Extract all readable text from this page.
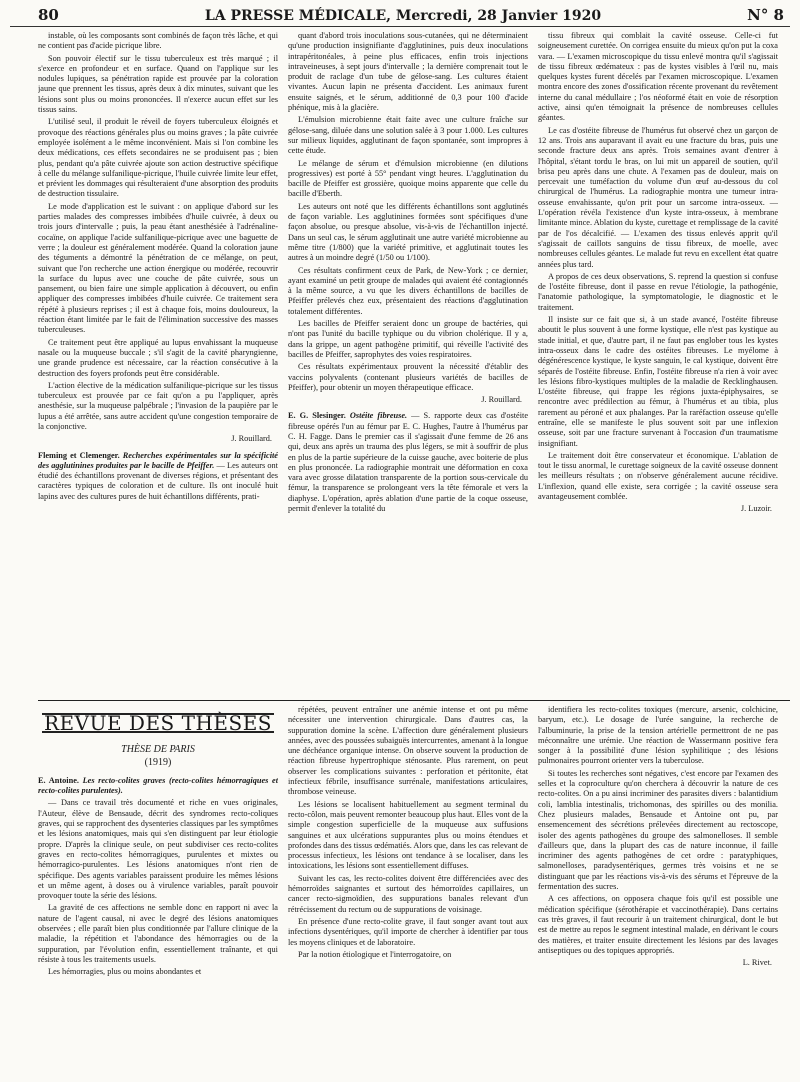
80	LA PRESSE MÉDICALE, Mercredi, 28 Janvier 1920	N° 8

instable, où les composants sont combinés de façon très lâche, et qui ne contient pas d'acide picrique libre.

Son pouvoir électif sur le tissu tuberculeux est très marqué ; il s'exerce en profondeur et en surface. Quand on l'applique sur les nodules lupiques, sa pénétration rapide est prouvée par la coloration jaune que prennent les tissus, après deux à dix minutes, suivant que les lésions sont plus ou moins prononcées. Il n'exerce aucun effet sur les tissus sains.

L'utilisé seul, il produit le réveil de foyers tuberculeux éloignés et provoque des réactions générales plus ou moins graves ; la pâte cuivrée employée isolément a le même inconvénient. Mais si l'on combine les deux médications, ces effets secondaires ne se produisent pas ; bien plus, pendant qu'a pâte cuivrée ajoute son action destructive spécifique à celle du mélange sulfanilique-picrique, l'huile cuivrée limite leur effet, et prévient les dommages qui résulteraient d'une absorption des produits de destruction tissulaire.

Le mode d'application est le suivant : on applique d'abord sur les parties malades des compresses imbibées d'huile cuivrée, à deux ou trois jours d'intervalle ; puis, la peau étant anesthésiée à l'adrénaline-cocaïne, on applique l'acide sulfanilique-picrique avec une baguette de verre ; la douleur est généralement modérée. Quand la coloration jaune des téguments a démontré la pénétration de ce mélange, on peut, suivant que l'on recherche une action énergique ou modérée, recouvrir la surface du lupus avec une couche de pâte cuivrée, sous un pansement, ou bien faire une simple application à découvert, ou enfin appliquer des compresses imbibées d'huile cuivrée. Ce traitement sera répété à plusieurs reprises ; il est à chaque fois, moins douloureux, la réaction étant limitée par le fait de l'élimination successive des masses tuberculeuses.

Ce traitement peut être appliqué au lupus envahissant la muqueuse nasale ou la muqueuse buccale ; s'il s'agit de la cavité pharyngienne, une grande prudence est nécessaire, car la réaction consécutive à la destruction des foyers profonds peut être considérable.

L'action élective de la médication sulfanilique-picrique sur les tissus tuberculeux est prouvée par ce fait qu'on a pu l'appliquer, après anesthésie, sur la muqueuse palpébrale ; l'invasion de la paupière par le lupus a été arrêtée, sans autre accident qu'une congestion temporaire de la conjonctive.

J. Rouillard.

Fleming et Clemenger. Recherches expérimentales sur la spécificité des agglutinines produites par le bacille de Pfeiffer. — Les auteurs ont étudié des échantillons provenant de diverses régions, et présentant des caractères typiques de coloration et de culture. Ils ont inoculé huit lapins avec des cultures pures de huit échantillons différents, prati-

quant d'abord trois inoculations sous-cutanées, qui ne déterminaient qu'une production insignifiante d'agglutinines, puis deux inoculations intrapéritonéales, à peine plus efficaces, enfin trois injections intraveineuses, à sept jours d'intervalle ; la dernière comprenait tout le produit de raclage d'un tube de gélose-sang. Les cultures étaient vivantes. Aucun lapin ne présenta d'accident. Les animaux furent ensuite saignés, et le sérum, additionné de 0,3 pour 100 d'acide phénique, mis à la glacière.

L'émulsion microbienne était faite avec une culture fraîche sur gélose-sang, diluée dans une solution salée à 3 pour 1.000. Les cultures sur milieux liquides, agglutinant de façon spontanée, sont impropres à cette étude.

Le mélange de sérum et d'émulsion microbienne (en dilutions progressives) est porté à 55° pendant vingt heures. L'agglutination du bacille de Pfeiffer est grossière, quoique moins apparente que celle du bacille d'Eberth.

Les auteurs ont noté que les différents échantillons sont agglutinés de façon variable. Les agglutinines formées sont spécifiques d'une façon absolue, ou presque absolue, vis-à-vis de l'échantillon injecté. Dans un seul cas, le sérum agglutinait une autre variété microbienne au même titre (1/800) que la variété primitive, et agglutinait toutes les autres à un moindre degré (1/50 ou 1/100).

Ces résultats confirment ceux de Park, de New-York ; ce dernier, ayant examiné un petit groupe de malades qui avaient été contagionnés à la même source, a vu que les divers échantillons de bacilles de Pfeiffer prélevés chez eux, présentaient des réactions d'agglutination totalement différentes.

Les bacilles de Pfeiffer seraient donc un groupe de bactéries, qui n'ont pas l'unité du bacille typhique ou du vibrion cholérique. Il y a, dans la grippe, un agent pathogène primitif, qui réveille l'activité des bacilles de Pfeiffer, saprophytes des voies respiratoires.

Ces résultats expérimentaux prouvent la nécessité d'établir des vaccins polyvalents (contenant plusieurs variétés de bacilles de Pfeiffer), pour obtenir un moyen thérapeutique efficace.

J. Rouillard.

E. G. Slesinger. Ostéite fibreuse. — S. rapporte deux cas d'ostéite fibreuse opérés l'un au fémur par E. C. Hughes, l'autre à l'humérus par C. H. Fagge. Dans le premier cas il s'agissait d'une femme de 26 ans qui, deux ans après un trauma des plus légers, se mit à souffrir de plus en plus de la partie supérieure de la cuisse gauche, avec boiterie de plus en plus prononcée. La radiographie montrait une déformation en coxa vara avec grosse dilatation transparente de la portion sous-cervicale du fémur, la transparence se prolongeant vers la tête fémorale et vers la diaphyse. L'opération, après ablation d'une partie de la coque osseuse, permit d'enlever la totalité du

tissu fibreux qui comblait la cavité osseuse. Celle-ci fut soigneusement curettée. On corrigea ensuite du mieux qu'on put la coxa vara. — L'examen microscopique du tissu enlevé montra qu'il s'agissait de tissu fibreux œdémateux : pas de kystes visibles à l'œil nu, mais quelques kystes furent décelés par l'examen microscopique. L'examen montra encore des zones d'ossification récente provenant du revêtement interne du canal médullaire ; l'os néoformé était en voie de résorption active, ainsi qu'en témoignait la présence de nombreuses cellules géantes.

Le cas d'ostéite fibreuse de l'humérus fut observé chez un garçon de 12 ans. Trois ans auparavant il avait eu une fracture du bras, puis une seconde fracture deux ans après. Trois semaines avant d'entrer à l'hôpital, s'étant tordu le bras, on lui mit un appareil de soutien, qu'il brisa peu après dans une chute. A l'examen pas de douleur, mais on percevait une tuméfaction du volume d'un œuf au-dessous du col chirurgical de l'humérus. La radiographie montra une tumeur intra-osseuse envahissante, qu'on prit pour un sarcome intra-osseux. — L'opération révéla l'existence d'un kyste intra-osseux, à membrane limitante mince. Ablation du kyste, curettage et remplissage de la cavité par de l'os décalcifié. — L'examen des tissus enlevés apprit qu'il s'agissait de caillots sanguins de tissu fibreux, de moelle, avec nombreuses cellules géantes. Le malade fut revu en excellent état quatre années plus tard.

A propos de ces deux observations, S. reprend la question si confuse de l'ostéite fibreuse, dont il passe en revue l'étiologie, la pathogénie, l'anatomie pathologique, la symptomatologie, le diagnostic et le traitement.

Il insiste sur ce fait que si, à un stade avancé, l'ostéite fibreuse aboutit le plus souvent à une forme kystique, elle n'est pas kystique au stade initial, et que, d'autre part, il ne faut pas englober tous les kystes intra-osseux dans le cadre des ostéites fibreuses. Le myélome à dégénérescence kystique, le kyste sanguin, le cal kystique, doivent être séparés de l'ostéite fibreuse. Enfin, l'ostéite fibreuse n'a rien à voir avec les lésions fibro-kystiques multiples de la maladie de Recklinghausen. L'ostéite fibreuse, qui frappe les régions juxta-épiphysaires, se rencontre avec prédilection au fémur, à l'humérus et au tibia, plus rarement au péroné et aux phalanges. Par la raréfaction osseuse qu'elle entraîne, elle se manifeste le plus souvent soit par une inflexion osseuse, soit par une fracture survenant à l'occasion d'un traumatisme insignifiant.

Le traitement doit être conservateur et économique. L'ablation de tout le tissu anormal, le curettage soigneux de la cavité osseuse donnent les meilleurs résultats ; on n'observe généralement aucune récidive. L'inflexion, quand elle existe, sera corrigée ; la cavité osseuse sera avantageusement comblée.

J. Luzoir.

REVUE DES THÈSES
THÈSE DE PARIS
(1919)

E. Antoine. Les recto-colites graves (recto-colites hémorragiques et recto-colites purulentes).

— Dans ce travail très documenté et riche en vues originales, l'Auteur, élève de Bensaude, décrit des syndromes recto-coliques graves, qui se rapprochent des dysenteries classiques par les symptômes et les lésions anatomiques, mais qui s'en distinguent par leur étiologie propre. D'après la clinique seule, on peut subdiviser ces recto-colites graves en recto-colites hémorragiques, purulentes et mixtes ou hémorragico-purulentes. Les lésions anatomiques n'ont rien de spécifique. Des agents variables paraissent produire les mêmes lésions et un même agent, à doses ou à virulence variables, paraît pouvoir provoquer toute la série des lésions.

La gravité de ces affections ne semble donc en rapport ni avec la nature de l'agent causal, ni avec le degré des lésions anatomiques observées ; elle paraît bien plus conditionnée par l'allure clinique de la maladie, la répétition et l'abondance des hémorragies ou de la suppuration, par l'évolution enfin, essentiellement traînante, et qui résiste à tous les traitements usuels.

Les hémorragies, plus ou moins abondantes et

répétées, peuvent entraîner une anémie intense et ont pu même nécessiter une intervention chirurgicale. Dans d'autres cas, la suppuration domine la scène. L'affection dure généralement plusieurs années, avec des poussées subaiguës intercurrentes, amenant à la longue une déchéance organique intense. On observe souvent la production de réaction fibreuse hypertrophique sténosante. Plus rarement, on peut observer les complications suivantes : perforation et péritonite, état infectieux fébrile, insuffisance surrénale, manifestations articulaires, thrombose veineuse.

Les lésions se localisent habituellement au segment terminal du recto-côlon, mais peuvent remonter beaucoup plus haut. Elles vont de la simple congestion superficielle de la muqueuse aux suffusions sanguines et aux ulcérations suppurantes plus ou moins étendues et profondes dans des tissus œdématiés. Alors que, dans les cas relevant de processus infectieux, les lésions ont tendance à se localiser, dans les intoxications, les lésions sont essentiellement diffuses.

Suivant les cas, les recto-colites doivent être différenciées avec des hémorroïdes saignantes et surtout des hémorroïdes capillaires, un cancer recto-sigmoïdien, des suppurations banales relevant d'un rétrécissement du rectum ou de suppurations de voisinage.

En présence d'une recto-colite grave, il faut songer avant tout aux infections dysentériques, qu'il importe de chercher à identifier par tous les moyens cliniques et de laboratoire.

Par la notion étiologique et l'interrogatoire, on

identifiera les recto-colites toxiques (mercure, arsenic, colchicine, baryum, etc.). Le dosage de l'urée sanguine, la recherche de l'albuminurie, la prise de la tension artérielle permettront de ne pas méconnaître une urémie. Une réaction de Wassermann positive fera songer à la possibilité d'une lésion syphilitique ; des lésions pulmonaires pourront orienter vers la tuberculose.

Si toutes les recherches sont négatives, c'est encore par l'examen des selles et la coproculture qu'on cherchera à découvrir la nature de ces recto-colites. On a pu ainsi incriminer des parasites divers : balantidium coli, lamblia intestinalis, trichomonas, des spirilles ou des monilia. Chez plusieurs malades, Bensaude et Antoine ont pu, par ensemencement des sécrétions prélevées directement au rectoscope, isoler des agents pathogènes du groupe des salmonelloses. Il semble d'ailleurs que, dans la plupart des cas de nature inconnue, il faille incriminer des agents pathogènes de cet ordre : paratyphiques, salmonelloses, paradysentériques, germes très voisins et ne se distinguant que par les réactions vis-à-vis des sérums et l'épreuve de la fermentation des sucres.

A ces affections, on opposera chaque fois qu'il est possible une médication spécifique (sérothérapie et vaccinothérapie). Dans certains cas très graves, il faut recourir à un traitement chirurgical, dont le but est de mettre au repos le segment intestinal malade, en dérivant le cours des matières, et traiter ensuite directement les lésions par des lavages antiseptiques ou des topiques appropriés.

L. Rivet.
